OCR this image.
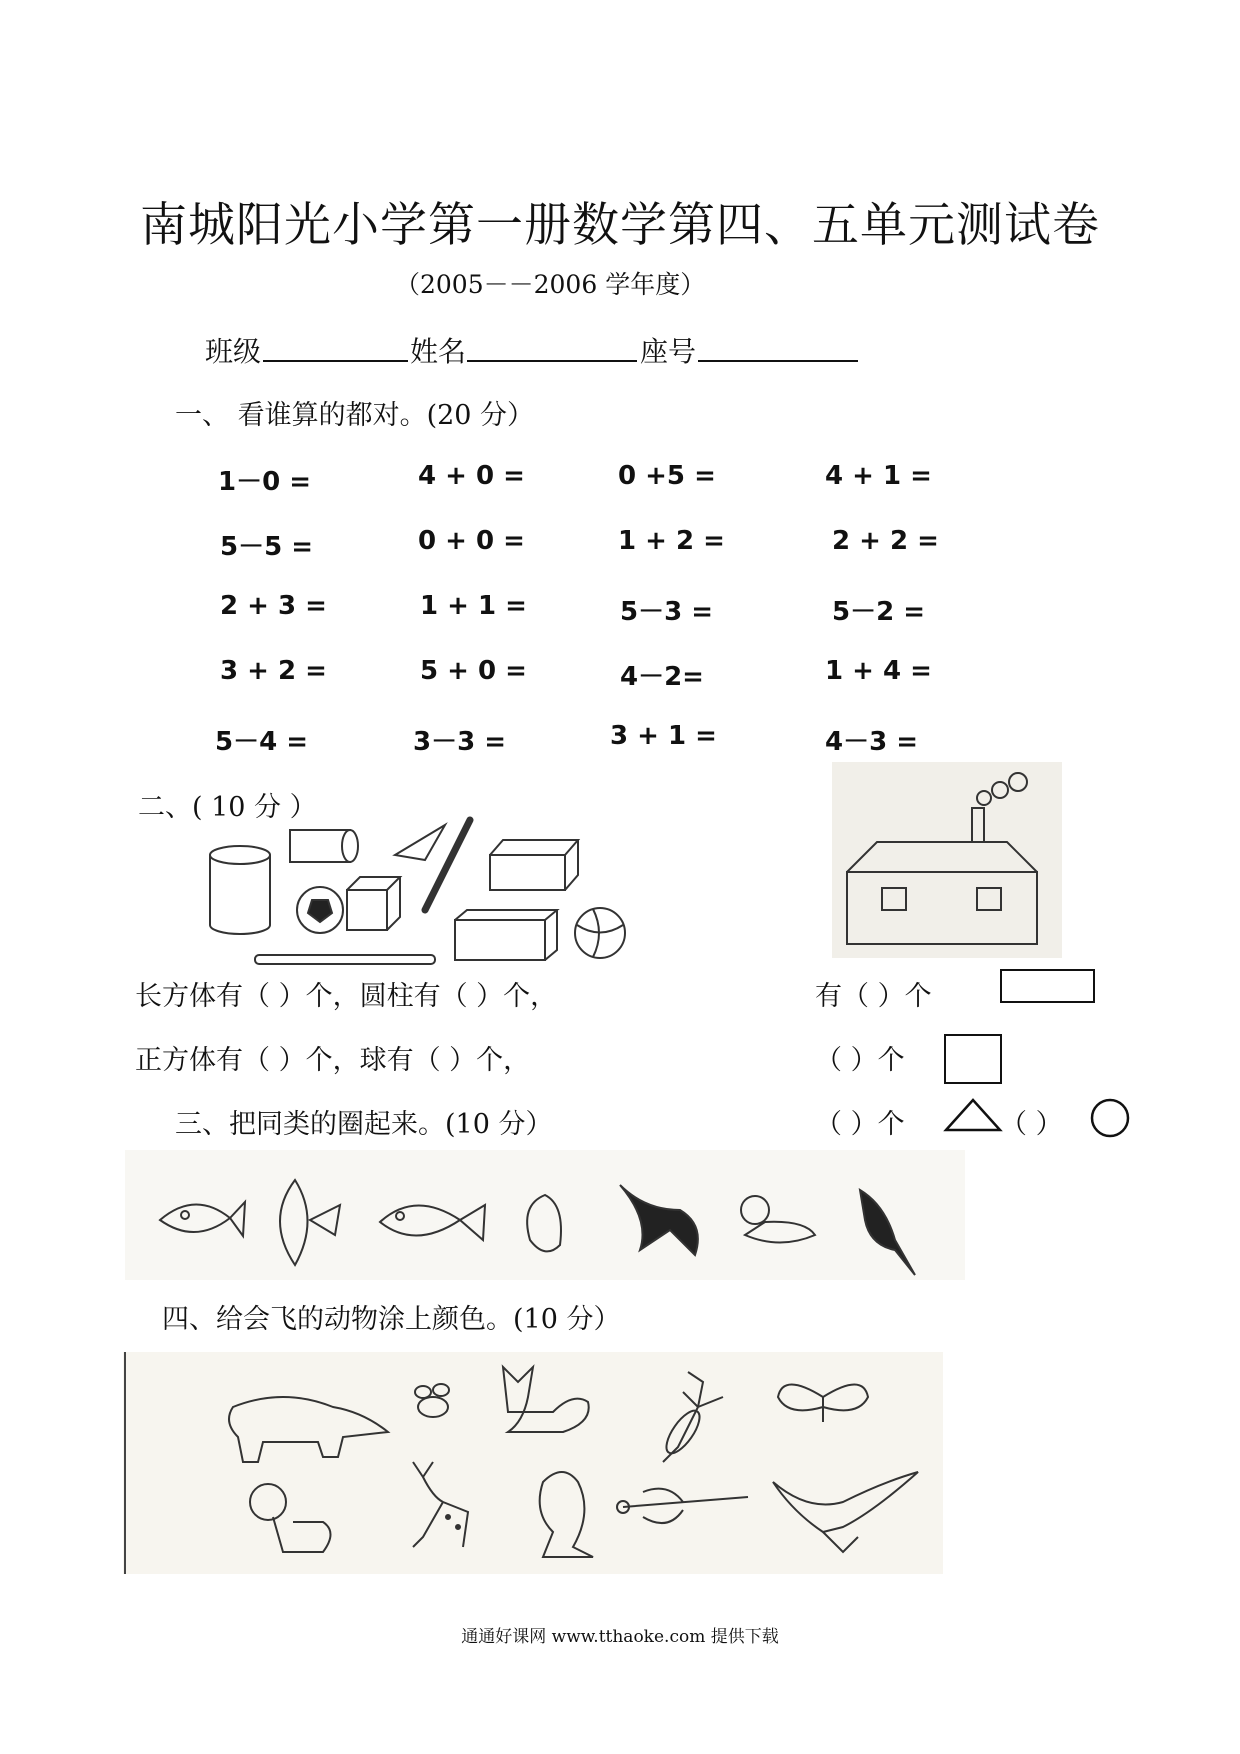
南城阳光小学第一册数学第四、五单元测试卷
（2005－－2006 学年度）
班级	姓名	座号
一、 看谁算的都对。(20 分）
1－0 =	4 + 0 =	0 +5 =	4 + 1 =
5－5 =	0 + 0 =	1 + 2 =	2 + 2 =
2 + 3 =	1 + 1 =	5－3 =	5－2 =
3 + 2 =	5 + 0 =	4－2=	1 + 4 =
5－4 =	3－3 =	3 + 1 =	4－3 =
二、( 10 分 ）
长方体有（ ）个，圆柱有（ ）个，
正方体有（ ）个，球有（ ）个，
有（ ）个
（ ）个
（ ）个	（ ）
三、把同类的圈起来。(10 分）
四、给会飞的动物涂上颜色。(10 分）
通通好课网 www.tthaoke.com 提供下载
